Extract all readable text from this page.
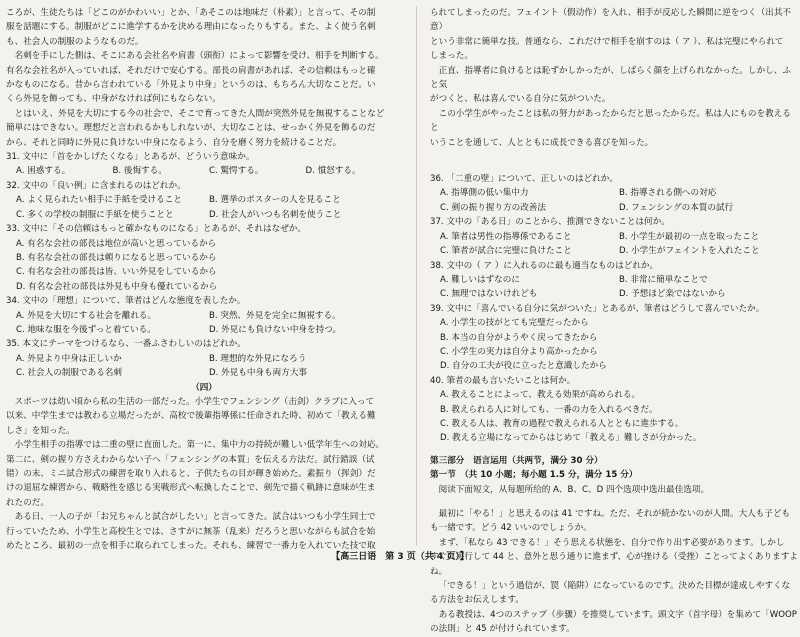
ころが、生徒たちは「どこのがかわいい」とか、「あそこのは地味だ（朴素）」と言って、その制

服を話題にする。制服がどこに進学するかを決める理由になったりもする。また、よく使う名刺

も、社会人の制服のようなものだ。

名刺を手にした側は、そこにある会社名や肩書（頭衔）によって影響を受け、相手を判断する。

有名な会社名が入っていれば、それだけで安心する。部長の肩書があれば、その信頼はもっと確

かなものになる。昔から言われている「外見より中身」というのは、もちろん大切なことだ。い

くら外見を飾っても、中身がなければ何にもならない。

とはいえ、外見を大切にする今の社会で、そこで育ってきた人間が突然外見を無視することなど

簡単にはできない。理想だと言われるかもしれないが、大切なことは、せっかく外見を飾るのだ

から、それと同時に外見に負けない中身になるよう、自分を磨く努力を続けることだ。

31. 文中に「首をかしげたくなる」とあるが、どういう意味か。

A. 困惑する。	B. 後悔する。	C. 驚愕する。	D. 憤怒する。

32. 文中の「良い例」に含まれるのはどれか。

A. よく見られたい相手に手紙を受けること	B. 選挙のポスターの人を見ること
C. 多くの学校の制服に手紙を使うことと	D. 社会人がいつも名刺を使うこと

33. 文中に「その信頼はもっと確かなものになる」とあるが、それはなぜか。

A. 有名な会社の部長は地位が高いと思っているから

B. 有名な会社の部長は頼りになると思っているから

C. 有名な会社の部長は皆、いい外見をしているから

D. 有名な会社の部長は外見も中身も優れているから

34. 文中の「理想」について、筆者はどんな態度を表したか。

A. 外見を大切にする社会を離れる。	B. 突然、外見を完全に無視する。
C. 地味な服を今後ずっと着ている。	D. 外見にも負けない中身を持つ。

35. 本文にテーマをつけるなら、一番ふさわしいのはどれか。

A. 外見より中身は正しいか	B. 理想的な外見になろう
C. 社会人の制服である名刺	D. 外見も中身も両方大事

（四）

スポーツは幼い頃から私の生活の一部だった。小学生でフェンシング（击剑）クラブに入って

以来、中学生までは教わる立場だったが、高校で後輩指導係に任命された時、初めて「教える難

しさ」を知った。

小学生相手の指導では二重の壁に直面した。第一に、集中力の持続が難しい低学年生への対応。

第二に、剣の握り方さえわからない子へ「フェンシングの本質」を伝える方法だ。試行錯誤（试

错）の末、ミニ試合形式の練習を取り入れると、子供たちの目が輝き始めた。素振り（挥剑）だ

けの退屈な練習から、戦略性を感じる実戦形式へ転換したことで、剣先で描く軌跡に意味が生ま

れたのだ。

ある日、一人の子が「お兄ちゃんと試合がしたい」と言ってきた。試合はいつも小学生同士で

行っていたため、小学生と高校生とでは、さすがに無茶（乱来）だろうと思いながらも試合を始

めたところ、最初の一点を相手に取られてしまった。それも、練習で一番力を入れていた技で取

られてしまったのだ。フェイント（假动作）を入れ、相手が反応した瞬間に逆をつく（出其不意）

という非常に簡単な技。普通なら、これだけで相手を崩すのは（ ア ）、私は完璧にやられて

しまった。

正直、指導者に負けるとは恥ずかしかったが、しばらく顔を上げられなかった。しかし、ふと気

がつくと、私は喜んでいる自分に気がついた。

この小学生がやったことは私の努力があったからだと思ったからだ。私は人にものを教えると

いうことを通して、人とともに成長できる喜びを知った。

36. 「二重の壁」について、正しいのはどれか。

A. 指導側の低い集中力	B. 指導される側への対応
C. 剣の振り握り方の改善法	D. フェンシングの本質の試行

37. 文中の「ある日」のことから、推測できないことは何か。

A. 筆者は男性の指導係であること	B. 小学生が最初の一点を取ったこと
C. 筆者が試合に完璧に負けたこと	D. 小学生がフェイントを入れたこと

38. 文中の（ ア ）に入れるのに最も適当なものはどれか。

A. 難しいはずなのに	B. 非常に簡単なことで
C. 無理ではないけれども	D. 予想ほど楽ではないから

39. 文中に「喜んでいる自分に気がついた」とあるが、筆者はどうして喜んでいたか。

A. 小学生の技がとても完璧だったから

B. 本当の自分がようやく戻ってきたから

C. 小学生の実力は自分より高かったから

D. 自分の工夫が役に立ったと意識したから

40. 筆者の最も言いたいことは何か。

A. 教えることによって、教える効果が高められる。

B. 教えられる人に対しても、一番の力を入れるべきだ。

C. 教える人は、教育の過程で教えられる人とともに進歩する。

D. 教える立場になってからはじめて「教える」難しさが分かった。

第三部分　语言运用（共两节，满分 30 分）

第一节　（共 10 小题；每小题 1.5 分，满分 15 分）

阅读下面短文，从每题所给的 A、B、C、D 四个选项中选出最佳选项。

最初に「やる！」と思えるのは 41 ですね。ただ、それが続かないのが人間。大人も子ども

も一緒です。どう 42 いいのでしょうか。

まず、「私なら 43 できる！」そう思える状態を、自分で作り出す必要があります。しかし

すぐに実行して 44 と、意外と思う通りに進まず、心が挫ける（受挫）ことってよくありますよね。

「できる！」という過信が、罠（陥阱）になっているのです。決めた目標が達成しやすくな

る方法をお伝えします。

ある教授は、4つのステップ（步骤）を推奨しています。頭文字（首字母）を集めて「WOOP

の法則」と 45 が付けられています。

【高三日语　第 3 页（共 4 页）】
